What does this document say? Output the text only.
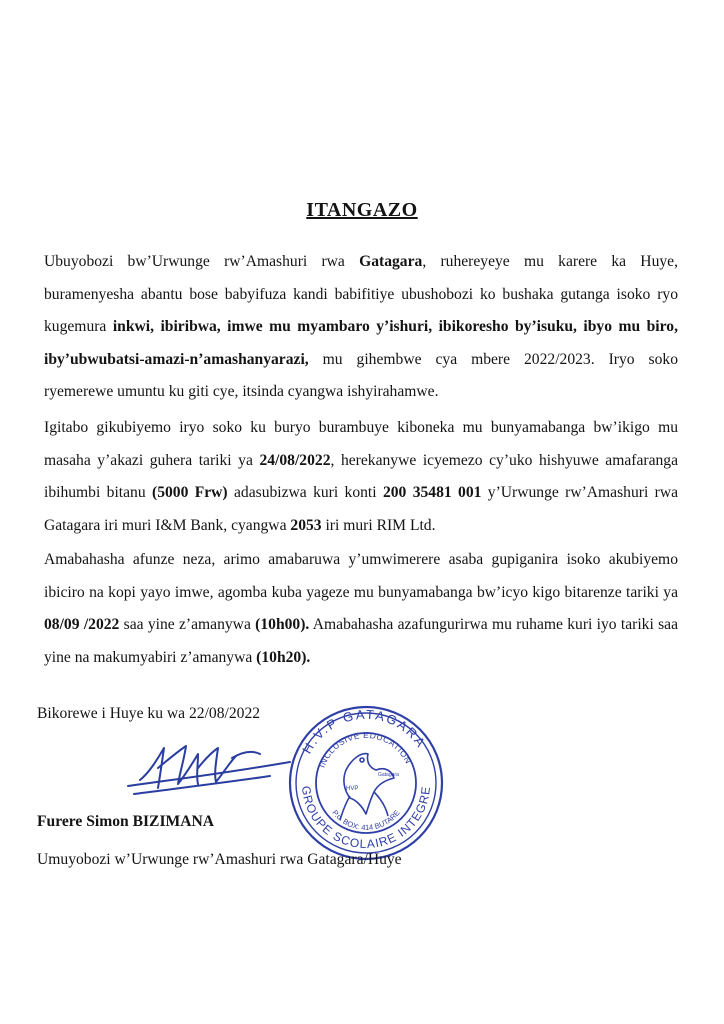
ITANGAZO

Ubuyobozi bw’Urwunge rw’Amashuri rwa Gatagara, ruhereyeye mu karere ka Huye, buramenyesha abantu bose babyifuza kandi babifitiye ubushobozi ko bushaka gutanga isoko ryo kugemura inkwi, ibiribwa, imwe mu myambaro y’ishuri, ibikoresho by’isuku, ibyo mu biro, iby’ubwubatsi-amazi-n’amashanyarazi, mu gihembwe cya mbere 2022/2023. Iryo soko ryemerewe umuntu ku giti cye, itsinda cyangwa ishyirahamwe.

Igitabo gikubiyemo iryo soko ku buryo burambuye kiboneka mu bunyamabanga bw’ikigo mu masaha y’akazi guhera tariki ya 24/08/2022, herekanywe icyemezo cy’uko hishyuwe amafaranga ibihumbi bitanu (5000 Frw) adasubizwa kuri konti 200 35481 001 y’Urwunge rw’Amashuri rwa Gatagara iri muri I&M Bank, cyangwa 2053 iri muri RIM Ltd.

Amabahasha afunze neza, arimo amabaruwa y’umwimerere asaba gupiganira isoko akubiyemo ibiciro na kopi yayo imwe, agomba kuba yageze mu bunyamabanga bw’icyo kigo bitarenze tariki ya 08/09 /2022 saa yine z’amanywa (10h00). Amabahasha azafungurirwa mu ruhame kuri iyo tariki saa yine na makumyabiri z’amanywa (10h20).

Bikorewe i Huye ku wa 22/08/2022
H.V.P GATAGARA
INCLUSIVE EDUCATION
P.o. BOX: 414 BUTARE
GROUPE SCOLAIRE INTEGRE
HVP
Gatagara
Furere Simon BIZIMANA
Umuyobozi w’Urwunge rw’Amashuri rwa Gatagara/Huye
